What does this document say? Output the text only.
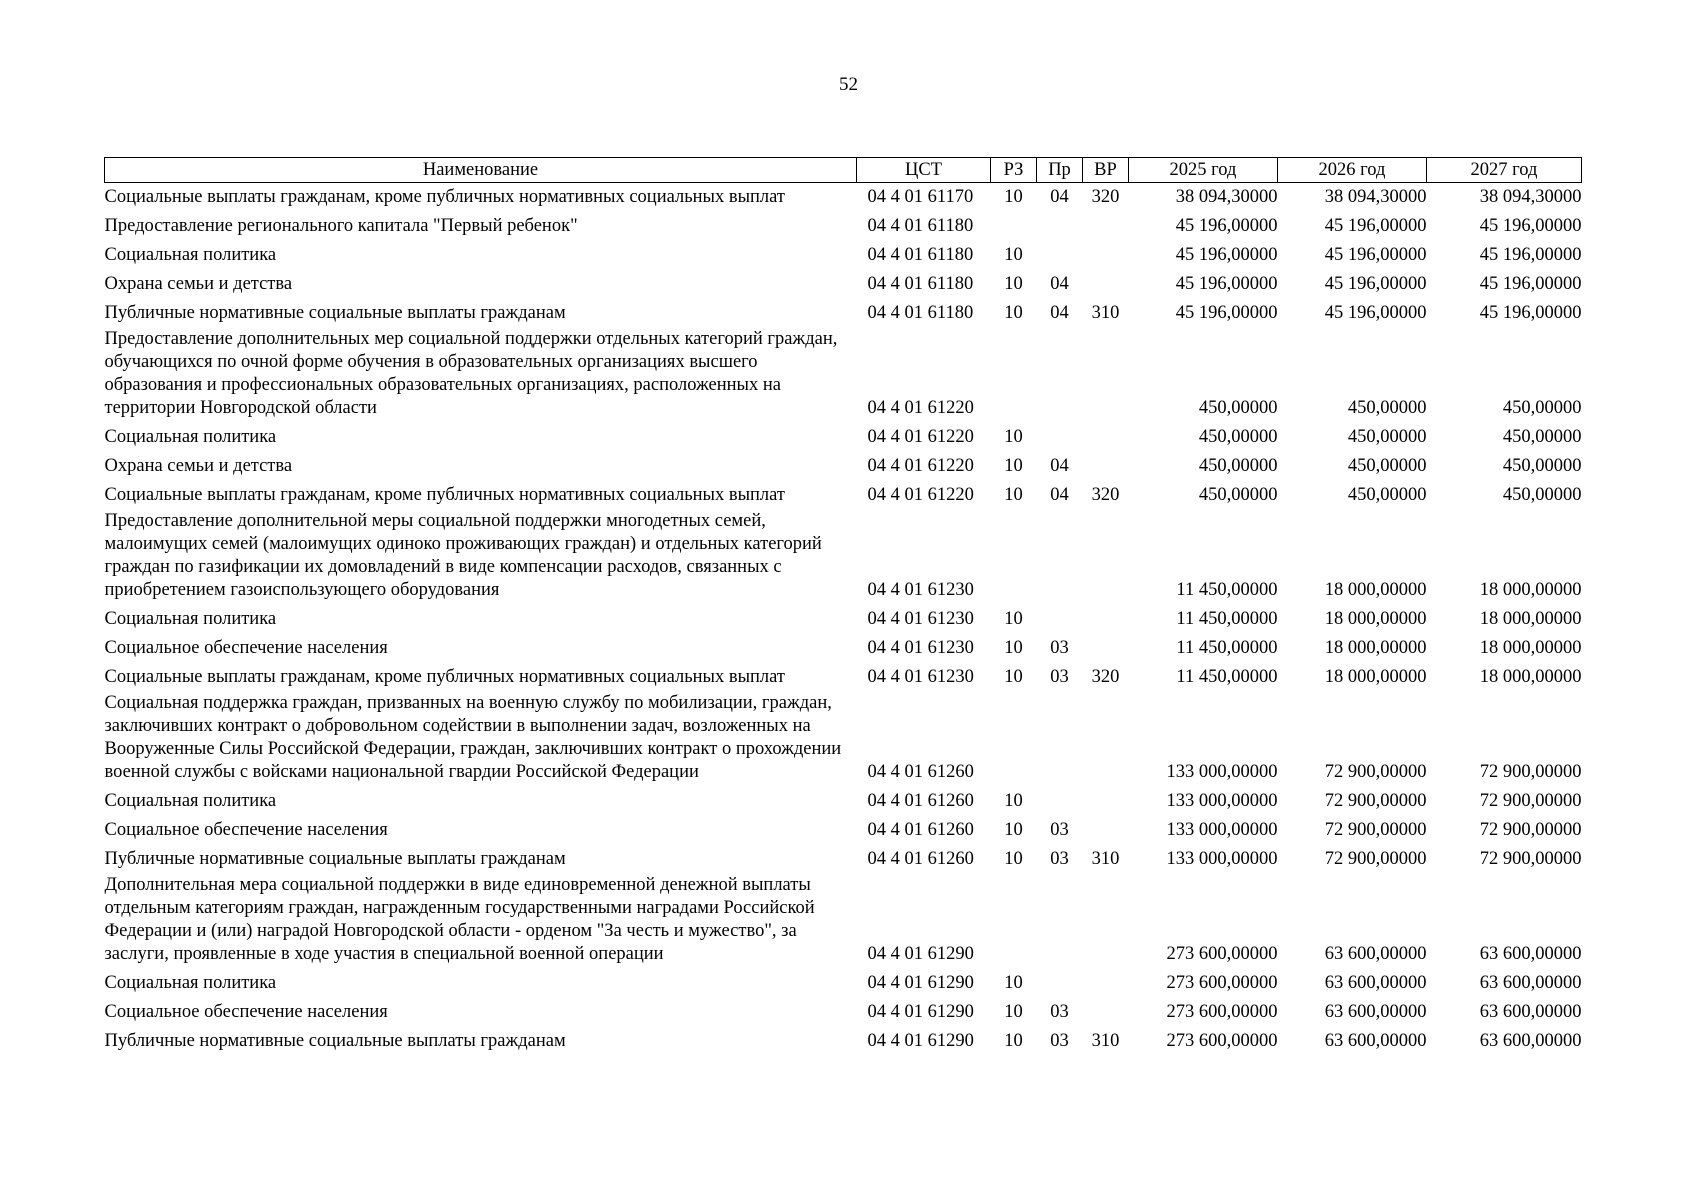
52
Наименование	ЦСТ	РЗ	Пр	ВР	2025 год	2026 год	2027 год
Социальные выплаты гражданам, кроме публичных нормативных социальных выплат	04 4 01 61170	10	04	320	38 094,30000	38 094,30000	38 094,30000
Предоставление регионального капитала "Первый ребенок"	04 4 01 61180				45 196,00000	45 196,00000	45 196,00000
Социальная политика	04 4 01 61180	10			45 196,00000	45 196,00000	45 196,00000
Охрана семьи и детства	04 4 01 61180	10	04		45 196,00000	45 196,00000	45 196,00000
Публичные нормативные социальные выплаты гражданам	04 4 01 61180	10	04	310	45 196,00000	45 196,00000	45 196,00000
Предоставление дополнительных мер социальной поддержки отдельных категорий граждан, обучающихся по очной форме обучения в образовательных организациях высшего образования и профессиональных образовательных организациях, расположенных на территории Новгородской области	04 4 01 61220				450,00000	450,00000	450,00000
Социальная политика	04 4 01 61220	10			450,00000	450,00000	450,00000
Охрана семьи и детства	04 4 01 61220	10	04		450,00000	450,00000	450,00000
Социальные выплаты гражданам, кроме публичных нормативных социальных выплат	04 4 01 61220	10	04	320	450,00000	450,00000	450,00000
Предоставление дополнительной меры социальной поддержки многодетных семей, малоимущих семей (малоимущих одиноко проживающих граждан) и отдельных категорий граждан по газификации их домовладений в виде компенсации расходов, связанных с приобретением газоиспользующего оборудования	04 4 01 61230				11 450,00000	18 000,00000	18 000,00000
Социальная политика	04 4 01 61230	10			11 450,00000	18 000,00000	18 000,00000
Социальное обеспечение населения	04 4 01 61230	10	03		11 450,00000	18 000,00000	18 000,00000
Социальные выплаты гражданам, кроме публичных нормативных социальных выплат	04 4 01 61230	10	03	320	11 450,00000	18 000,00000	18 000,00000
Социальная поддержка граждан, призванных на военную службу по мобилизации, граждан, заключивших контракт о добровольном содействии в выполнении задач, возложенных на Вооруженные Силы Российской Федерации, граждан, заключивших контракт о прохождении военной службы с войсками национальной гвардии Российской Федерации	04 4 01 61260				133 000,00000	72 900,00000	72 900,00000
Социальная политика	04 4 01 61260	10			133 000,00000	72 900,00000	72 900,00000
Социальное обеспечение населения	04 4 01 61260	10	03		133 000,00000	72 900,00000	72 900,00000
Публичные нормативные социальные выплаты гражданам	04 4 01 61260	10	03	310	133 000,00000	72 900,00000	72 900,00000
Дополнительная мера социальной поддержки в виде единовременной денежной выплаты отдельным категориям граждан, награжденным государственными наградами Российской Федерации и (или) наградой Новгородской области - орденом "За честь и мужество", за заслуги, проявленные в ходе участия в специальной военной операции	04 4 01 61290				273 600,00000	63 600,00000	63 600,00000
Социальная политика	04 4 01 61290	10			273 600,00000	63 600,00000	63 600,00000
Социальное обеспечение населения	04 4 01 61290	10	03		273 600,00000	63 600,00000	63 600,00000
Публичные нормативные социальные выплаты гражданам	04 4 01 61290	10	03	310	273 600,00000	63 600,00000	63 600,00000
